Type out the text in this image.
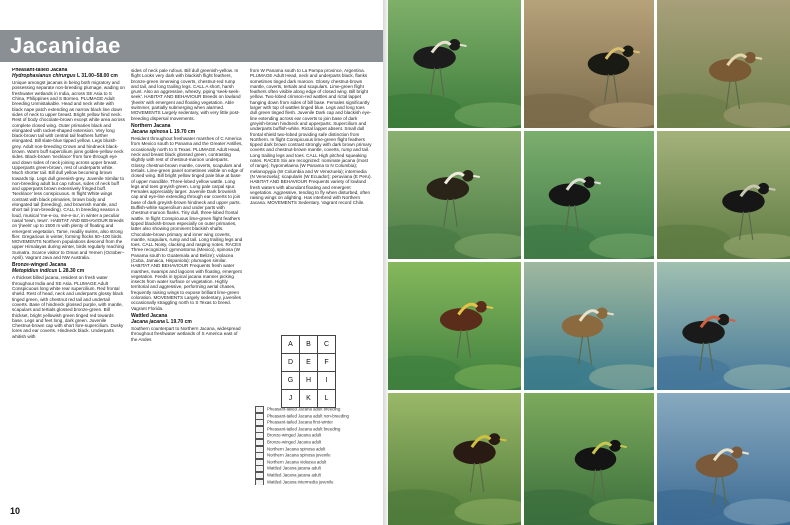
Jacanidae
Pheasant-tailed Jacana
Hydrophasianus chirurgus L 31.00–58.00 cm

Unique amongst jacanas in being both migratory and possessing separate non-breeding plumage, wading on freshwater wetlands in India, across SE Asia to S China, Philippines and S Borneo. PLUMAGE Adult breeding Unmistakable. Head and neck white with black nape patch extending as narrow black line down sides of neck to upper breast. Bright yellow hind neck. Rest of body chocolate-brown except white area across complete closed wing. Outer primaries black and elongated with racket-shaped extension. Very long black-brown tail with central tail feathers further elongated. Bill slate-blue tipped yellow. Legs bluish-grey. Adult non-breeding Crown and hindneck black-brown. Warm buff supercilium joins golden-yellow neck sides. Black-brown 'necklace' from fore through eye and down sides of neck joining across upper breast. Upperparts green-brown, rest of underparts white. Much shorter tail. Bill dull yellow becoming brown towards tip. Legs dull greenish-grey. Juvenile Similar to non-breeding adult but cap rufous, sides of neck buff and upperparts brown extensively fringed buff. 'Necklace' less conspicuous. In flight White wings contrast with black primaries, brown body and elongated tail (breeding), and brownish mantle, and short tail (non-breeding). CALL In breeding season a loud, musical 'me-e-ou, me-e-ou', in winter a peculiar nasal 'tewn, tewn'. HABITAT AND BEHAVIOUR Breeds on 'jheels' up to 1500 m with plenty of floating and emergent vegetation. Tame, readily swims, also strong flier. Gregarious in winter, forming flocks 50–100 birds. MOVEMENTS Northern populations descend from the upper Himalayas during winter, birds regularly reaching Sumatra. Scarce visitor to Oman and Yemen (October–April). Vagrant Java and NW Australia.

Bronze-winged Jacana
Metopidius indicus L 28.30 cm

A thickset billed jacana, resident on fresh water throughout India and SE Asia. PLUMAGE Adult Conspicuous long white rear supercilium. Red frontal shield. Rest of head, neck and underparts glossy black tinged green, with chestnut red tail and undertail coverts. Base of hindneck glossed purple, with mantle, scapulars and tertials glossed bronze-green. Bill thickset, bright yellowish green tinged red towards base. Legs and feet long, dark green. Juvenile Chestnut-brown cap with short fore-supercilium. Dusky lores and ear coverts. Hindneck black. Underparts whitish with

sides of neck pale rufous. Bill dull greenish-yellow. In flight Looks very dark with blackish flight feathers, bronze-green innerwing coverts, chestnut-red rump and tail, and long trailing legs. CALL A short, harsh grunt. Also an aggressive, wheezy, piping 'seek-seek-seek'. HABITAT AND BEHAVIOUR Breeds on lowland 'jheels' with emergent and floating vegetation. Able swimmer, partially submerging when alarmed. MOVEMENTS Largely sedentary, with very little post-breeding dispersal movements.

Northern Jacana
Jacana spinosa L 19.70 cm

Resident throughout freshwater marshes of C America from Mexico south to Panama and the Greater Antilles, occasionally north to S Texas. PLUMAGE Adult Head, neck and breast black glossed green, contrasting slightly with rest of chestnut-maroon underparts. Glossy chestnut-brown mantle, coverts, scapulars and tertials. Lime-green panel sometimes visible on edge of closed wing. Bill bright yellow tinged pale blue at base of upper mandible. Three-lobed yellow wattle. Long legs and toes greyish-green. Long pale carpal spur. Females appreciably larger. Juvenile Dark brownish cap and eye-line extending through ear coverts to join base of dark greyish-brown hindneck and upper parts. Buffish-white supercilium and under parts with chestnut-maroon flanks. Tiny dull, three-lobed frontal wattle. In flight Conspicuous lime-green flight feathers tipped blackish-brown especially on outer primaries, latter also showing prominent blackish shafts. Chocolate-brown primary and inner wing coverts, mantle, scapulars, rump and tail. Long trailing legs and toes. CALL Noisy, clacking and rasping notes. RACES Three recognized: gymnostoma (Mexico), spinosa (W Panama south to Guatemala and Belize); violacea (Cuba, Jamaica, Hispaniola): plumages similar. HABITAT AND BEHAVIOUR Frequents fresh water marshes, swamps and lagoons with floating, emergent vegetation. Feeds in typical jacana manner picking insects from water surface or vegetation. Highly territorial and aggressive, performing aerial chases, frequently raising wings to expose brilliant lime-green coloration. MOVEMENTS Largely sedentary, juveniles occasionally straggling north to S Texas to breed. Vagrant Florida.

Wattled Jacana
Jacana jacana L 19.70 cm

Southern counterpart to Northern Jacana, widespread throughout freshwater wetlands of S America east of the Andes

from W Panama south to La Pampa province, Argentina. PLUMAGE Adult Head, neck and underparts black, flanks sometimes tinged dark maroon. Glossy chestnut-brown mantle, coverts, tertials and scapulars. Lime-green flight feathers often visible along edge of closed wing. Bill bright yellow. Two-lobed crimson-red wattles and rictal lappet hanging down from sides of bill base. Females significantly larger with top of wattles tinged blue. Legs and long toes dull green tinged flesh. Juvenile Dark cap and blackish eye-line extending across ear coverts to join base of dark greyish-brown hindneck and upperparts. Supercilium and underparts buffish-white. Rictal lappet absent. Small dull frontal shield two-lobed providing safe distinction from Northern. In flight Conspicuous lime-green flight feathers tipped dark brown contrast strongly with dark brown primary coverts and chestnut-brown mantle, coverts, rump and tail. Long trailing legs and toes. CALL High pitched squeaking notes. RACES Six are recognized: nominate jacana (most of range); hypomelaena (W Panama to N Columbia); melanopygia (W Columbia and W Venezuela); intermedia (N Venezuela); scapularis (W Ecuador); peruviana (E Peru). HABITAT AND BEHAVIOUR Frequents variety of lowland fresh waters with abundant floating and emergent vegetation. Aggressive, tending to fly when disturbed, often raising wings on alighting. Has interbred with Northern Jacana. MOVEMENTS Sedentary. Vagrant record Chile.

A	B	C
D	E	F
G	H	I
J	K	L
Pheasant-tailed Jacana adult breeding
Pheasant-tailed Jacana adult non-breeding
Pheasant-tailed Jacana first-winter
Pheasant-tailed Jacana adult breeding
Bronze-winged Jacana adult
Bronze-winged Jacana adult
Northern Jacana spinosa adult
Northern Jacana spinosa juvenile
Northern Jacana violacea adult
Wattled Jacana jacana adult
Wattled Jacana jacana adult
Wattled Jacana intermedia juvenile
10
